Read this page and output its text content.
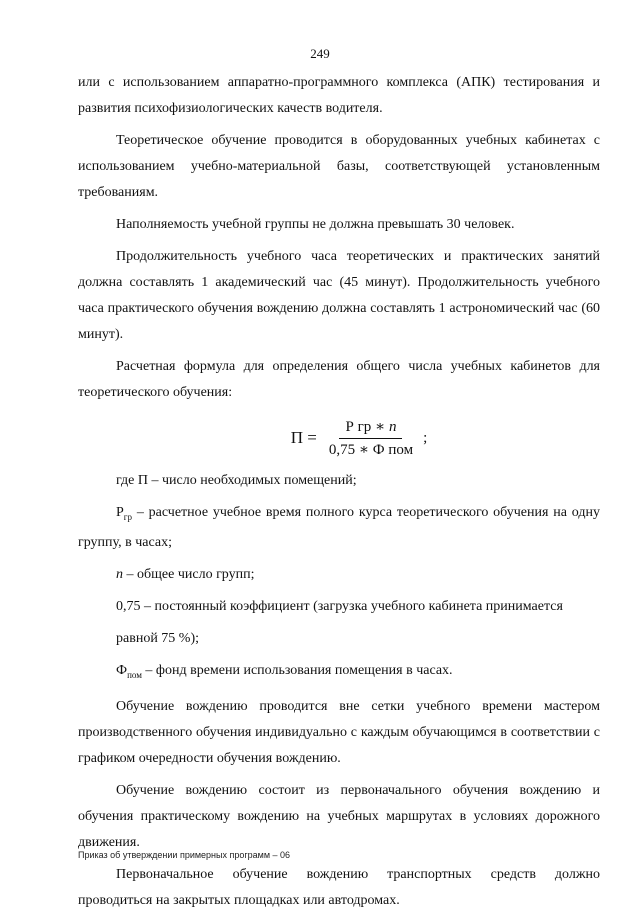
249

или с использованием аппаратно-программного комплекса (АПК) тестирования и развития психофизиологических качеств водителя.

Теоретическое обучение проводится в оборудованных учебных кабинетах с использованием учебно-материальной базы, соответствующей установленным требованиям.

Наполняемость учебной группы не должна превышать 30 человек.

Продолжительность учебного часа теоретических и практических занятий должна составлять 1 академический час (45 минут). Продолжительность учебного часа практического обучения вождению должна составлять 1 астрономический час (60 минут).

Расчетная формула для определения общего числа учебных кабинетов для теоретического обучения:

$П = \frac{\text{Р гр ∗ n}}{\text{0,75 ∗ Ф пом}}$ ;

где П – число необходимых помещений;

$Р_{гр}$ – расчетное учебное время полного курса теоретического обучения на одну группу, в часах;

n – общее число групп;

0,75 – постоянный коэффициент (загрузка учебного кабинета принимается

равной 75 %);

$Ф_{пом}$ – фонд времени использования помещения в часах.

Обучение вождению проводится вне сетки учебного времени мастером производственного обучения индивидуально с каждым обучающимся в соответствии с графиком очередности обучения вождению.

Обучение вождению состоит из первоначального обучения вождению и обучения практическому вождению на учебных маршрутах в условиях дорожного движения.

Первоначальное обучение вождению транспортных средств должно проводиться на закрытых площадках или автодромах.

Приказ об утверждении примерных программ – 06
